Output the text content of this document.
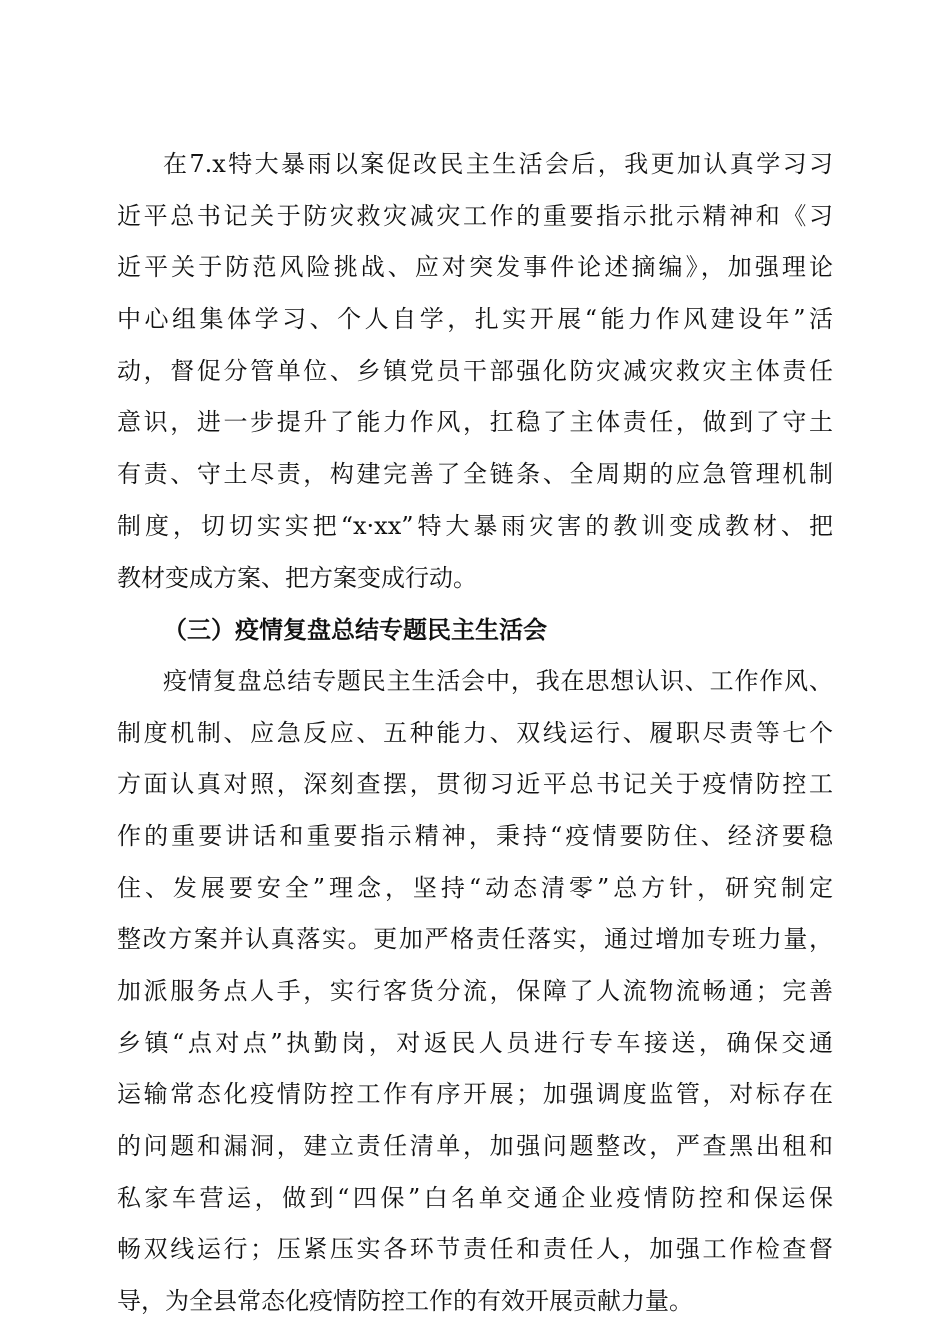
在7.x特大暴雨以案促改民主生活会后，我更加认真学习习
近平总书记关于防灾救灾减灾工作的重要指示批示精神和《习
近平关于防范风险挑战、应对突发事件论述摘编》，加强理论
中心组集体学习、个人自学，扎实开展“能力作风建设年”活
动，督促分管单位、乡镇党员干部强化防灾减灾救灾主体责任
意识，进一步提升了能力作风，扛稳了主体责任，做到了守土
有责、守土尽责，构建完善了全链条、全周期的应急管理机制
制度，切切实实把“x·xx”特大暴雨灾害的教训变成教材、把
教材变成方案、把方案变成行动。
（三）疫情复盘总结专题民主生活会
疫情复盘总结专题民主生活会中，我在思想认识、工作作风、
制度机制、应急反应、五种能力、双线运行、履职尽责等七个
方面认真对照，深刻查摆，贯彻习近平总书记关于疫情防控工
作的重要讲话和重要指示精神，秉持“疫情要防住、经济要稳
住、发展要安全”理念，坚持“动态清零”总方针，研究制定
整改方案并认真落实。更加严格责任落实，通过增加专班力量，
加派服务点人手，实行客货分流，保障了人流物流畅通；完善
乡镇“点对点”执勤岗，对返民人员进行专车接送，确保交通
运输常态化疫情防控工作有序开展；加强调度监管，对标存在
的问题和漏洞，建立责任清单，加强问题整改，严查黑出租和
私家车营运，做到“四保”白名单交通企业疫情防控和保运保
畅双线运行；压紧压实各环节责任和责任人，加强工作检查督
导，为全县常态化疫情防控工作的有效开展贡献力量。
